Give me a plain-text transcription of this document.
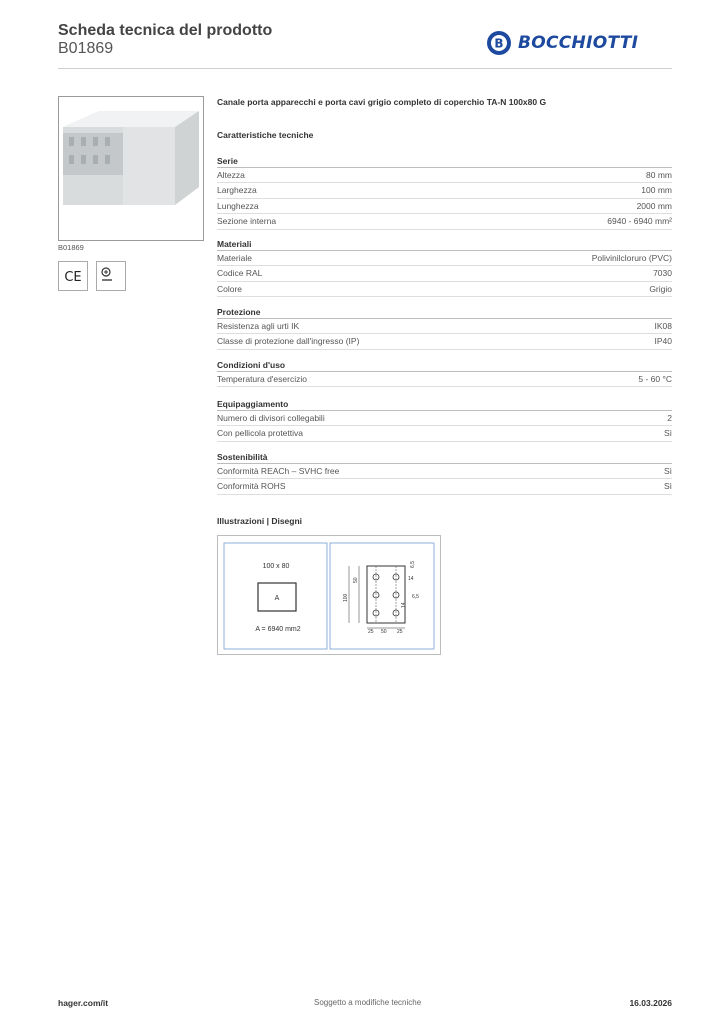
Scheda tecnica del prodotto
B01869	B BOCCHIOTTI
B01869
CE
Canale porta apparecchi e porta cavi grigio completo di coperchio TA-N 100x80 G
Caratteristiche tecniche
Serie
Altezza	80 mm
Larghezza	100 mm
Lunghezza	2000 mm
Sezione interna	6940 - 6940 mm²
Materiali
Materiale	Polivinilcloruro (PVC)
Codice RAL	7030
Colore	Grigio
Protezione
Resistenza agli urti IK	IK08
Classe di protezione dall'ingresso (IP)	IP40
Condizioni d'uso
Temperatura d'esercizio	5 - 60 °C
Equipaggiamento
Numero di divisori collegabili	2
Con pellicola protettiva	Sì
Sostenibilità
Conformità REACh – SVHC free	Sì
Conformità ROHS	Sì
Illustrazioni | Disegni
100 x 80
A
A = 6940 mm2
50
100
6,5
14
6,5
14
25 50 25
hager.com/it	Soggetto a modifiche tecniche	16.03.2026
